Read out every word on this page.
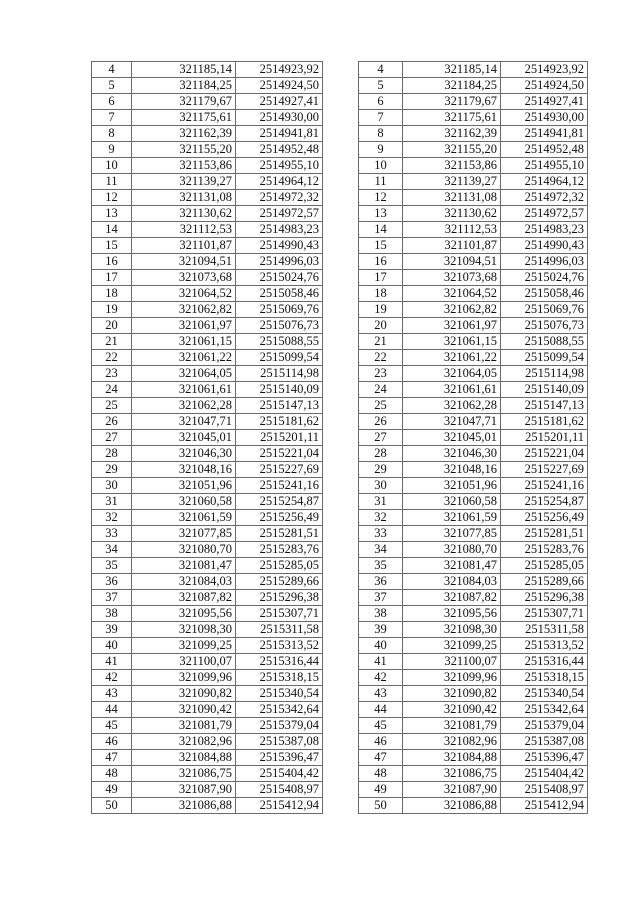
4	321185,14	2514923,92
5	321184,25	2514924,50
6	321179,67	2514927,41
7	321175,61	2514930,00
8	321162,39	2514941,81
9	321155,20	2514952,48
10	321153,86	2514955,10
11	321139,27	2514964,12
12	321131,08	2514972,32
13	321130,62	2514972,57
14	321112,53	2514983,23
15	321101,87	2514990,43
16	321094,51	2514996,03
17	321073,68	2515024,76
18	321064,52	2515058,46
19	321062,82	2515069,76
20	321061,97	2515076,73
21	321061,15	2515088,55
22	321061,22	2515099,54
23	321064,05	2515114,98
24	321061,61	2515140,09
25	321062,28	2515147,13
26	321047,71	2515181,62
27	321045,01	2515201,11
28	321046,30	2515221,04
29	321048,16	2515227,69
30	321051,96	2515241,16
31	321060,58	2515254,87
32	321061,59	2515256,49
33	321077,85	2515281,51
34	321080,70	2515283,76
35	321081,47	2515285,05
36	321084,03	2515289,66
37	321087,82	2515296,38
38	321095,56	2515307,71
39	321098,30	2515311,58
40	321099,25	2515313,52
41	321100,07	2515316,44
42	321099,96	2515318,15
43	321090,82	2515340,54
44	321090,42	2515342,64
45	321081,79	2515379,04
46	321082,96	2515387,08
47	321084,88	2515396,47
48	321086,75	2515404,42
49	321087,90	2515408,97
50	321086,88	2515412,94
4	321185,14	2514923,92
5	321184,25	2514924,50
6	321179,67	2514927,41
7	321175,61	2514930,00
8	321162,39	2514941,81
9	321155,20	2514952,48
10	321153,86	2514955,10
11	321139,27	2514964,12
12	321131,08	2514972,32
13	321130,62	2514972,57
14	321112,53	2514983,23
15	321101,87	2514990,43
16	321094,51	2514996,03
17	321073,68	2515024,76
18	321064,52	2515058,46
19	321062,82	2515069,76
20	321061,97	2515076,73
21	321061,15	2515088,55
22	321061,22	2515099,54
23	321064,05	2515114,98
24	321061,61	2515140,09
25	321062,28	2515147,13
26	321047,71	2515181,62
27	321045,01	2515201,11
28	321046,30	2515221,04
29	321048,16	2515227,69
30	321051,96	2515241,16
31	321060,58	2515254,87
32	321061,59	2515256,49
33	321077,85	2515281,51
34	321080,70	2515283,76
35	321081,47	2515285,05
36	321084,03	2515289,66
37	321087,82	2515296,38
38	321095,56	2515307,71
39	321098,30	2515311,58
40	321099,25	2515313,52
41	321100,07	2515316,44
42	321099,96	2515318,15
43	321090,82	2515340,54
44	321090,42	2515342,64
45	321081,79	2515379,04
46	321082,96	2515387,08
47	321084,88	2515396,47
48	321086,75	2515404,42
49	321087,90	2515408,97
50	321086,88	2515412,94
